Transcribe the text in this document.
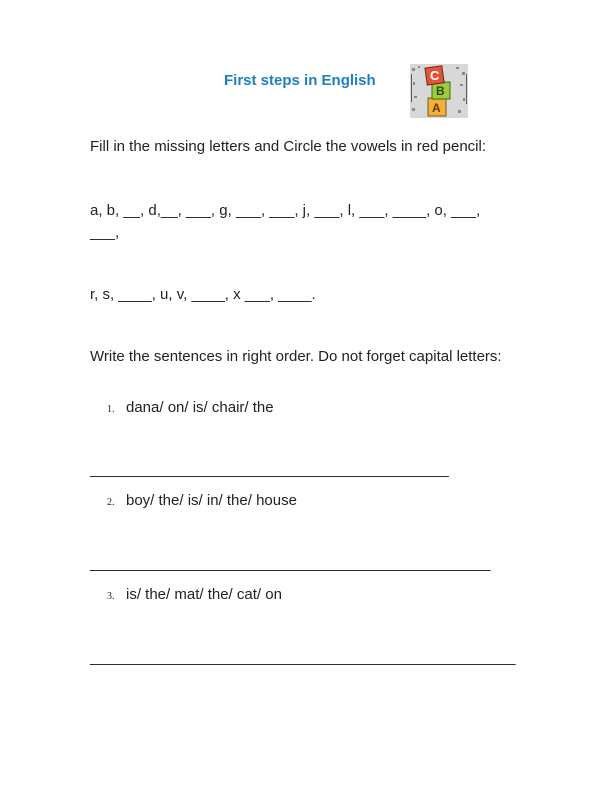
First steps in English	C
B
A
Fill in the missing letters and Circle the vowels in red pencil:
a, b, __, d,__, ___, g, ___, ___, j, ___, l, ___, ____, o, ___,
___,
r, s, ____, u, v, ____, x ___, ____.
Write the sentences in right order. Do not forget capital letters:
1. dana/ on/ is/ chair/ the
___________________________________________
2. boy/ the/ is/ in/ the/ house
________________________________________________
3. is/ the/ mat/ the/ cat/ on
___________________________________________________
